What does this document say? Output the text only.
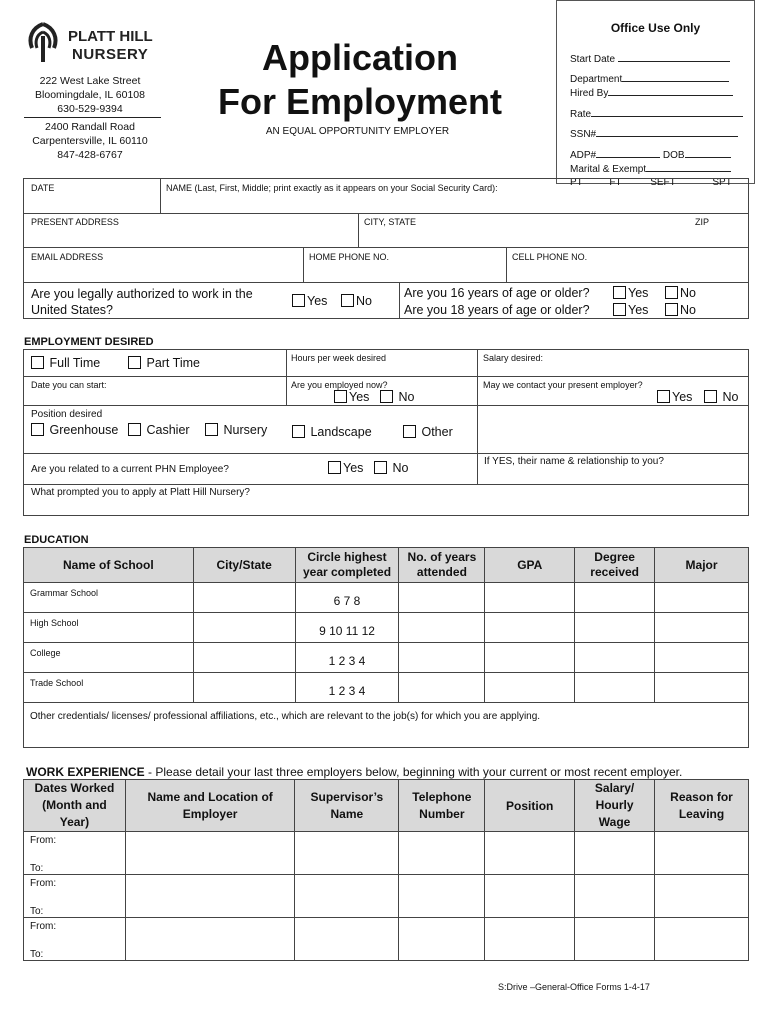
PLATT HILL
NURSERY
222 West Lake Street
Bloomingdale, IL 60108
630-529-9394
2400 Randall Road
Carpentersville, IL 60110
847-428-6767
Application
For Employment
AN EQUAL OPPORTUNITY EMPLOYER
Office Use Only
Start Date
Department
Hired By
Rate
SSN#
ADP#	DOB
Marital & Exempt
PT	FT	SEFT	SPT
DATE	NAME (Last, First, Middle; print exactly as it appears on your Social Security Card):
PRESENT ADDRESS	CITY, STATE	ZIP
EMAIL ADDRESS	HOME PHONE NO.	CELL PHONE NO.
Are you legally authorized to work in the
United States?
Yes	No
Are you 16 years of age or older?
Are you 18 years of age or older?
Yes	No
Yes	No
EMPLOYMENT DESIRED
Full Time	Part Time	Hours per week desired	Salary desired:
Date you can start:	Are you employed now?
Yes	No
May we contact your present employer?
Yes	No
Position desired
Greenhouse	Cashier	Nursery	Landscape	Other
Are you related to a current PHN Employee?	Yes	No	If YES, their name & relationship to you?
What prompted you to apply at Platt Hill Nursery?
EDUCATION
Name of School	City/State	Circle highest year completed	No. of years attended	GPA	Degree received	Major
Grammar School		6 7 8				
High School		9 10 11 12				
College		1 2 3 4				
Trade School		1 2 3 4				
Other credentials/ licenses/ professional affiliations, etc., which are relevant to the job(s) for which you are applying.						
WORK EXPERIENCE - Please detail your last three employers below, beginning with your current or most recent employer.
Dates Worked (Month and Year)	Name and Location of Employer	Supervisor’s Name	Telephone Number	Position	Salary/ Hourly Wage	Reason for Leaving

From:
To:						

From:
To:						

From:
To:						

S:Drive –General-Office Forms 1-4-17
